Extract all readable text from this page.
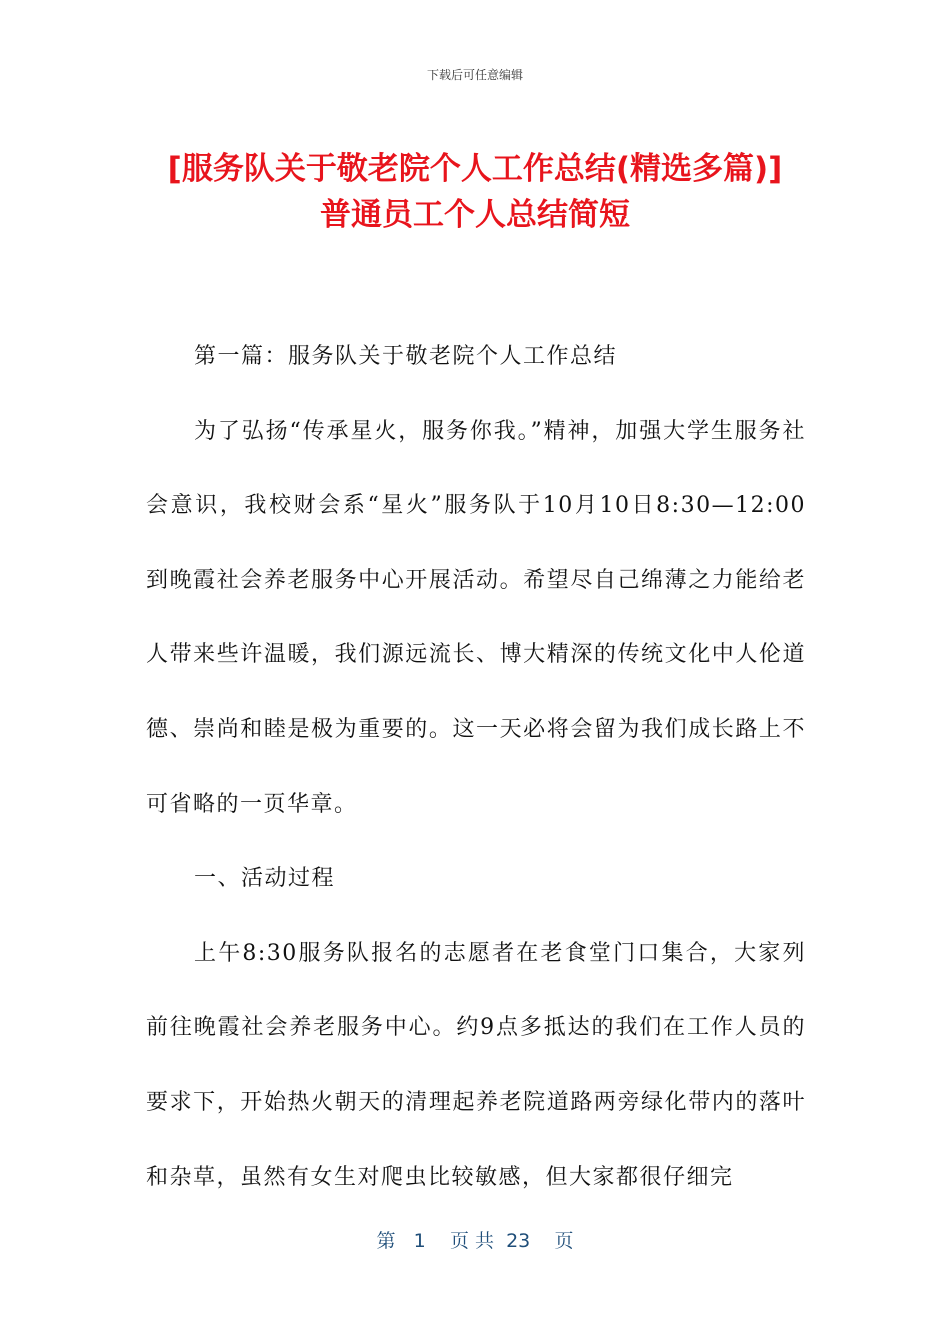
下载后可任意编辑
[服务队关于敬老院个人工作总结(精选多篇)]
普通员工个人总结简短

第一篇：服务队关于敬老院个人工作总结

为了弘扬“传承星火，服务你我。”精神，加强大学生服务社会意识，我校财会系“星火”服务队于10月10日8:30—12:00到晚霞社会养老服务中心开展活动。希望尽自己绵薄之力能给老人带来些许温暖，我们源远流长、博大精深的传统文化中人伦道德、崇尚和睦是极为重要的。这一天必将会留为我们成长路上不可省略的一页华章。

一、活动过程

上午8:30服务队报名的志愿者在老食堂门口集合，大家列前往晚霞社会养老服务中心。约9点多抵达的我们在工作人员的要求下，开始热火朝天的清理起养老院道路两旁绿化带内的落叶和杂草，虽然有女生对爬虫比较敏感，但大家都很仔细完

第 1 页 共 23 页
